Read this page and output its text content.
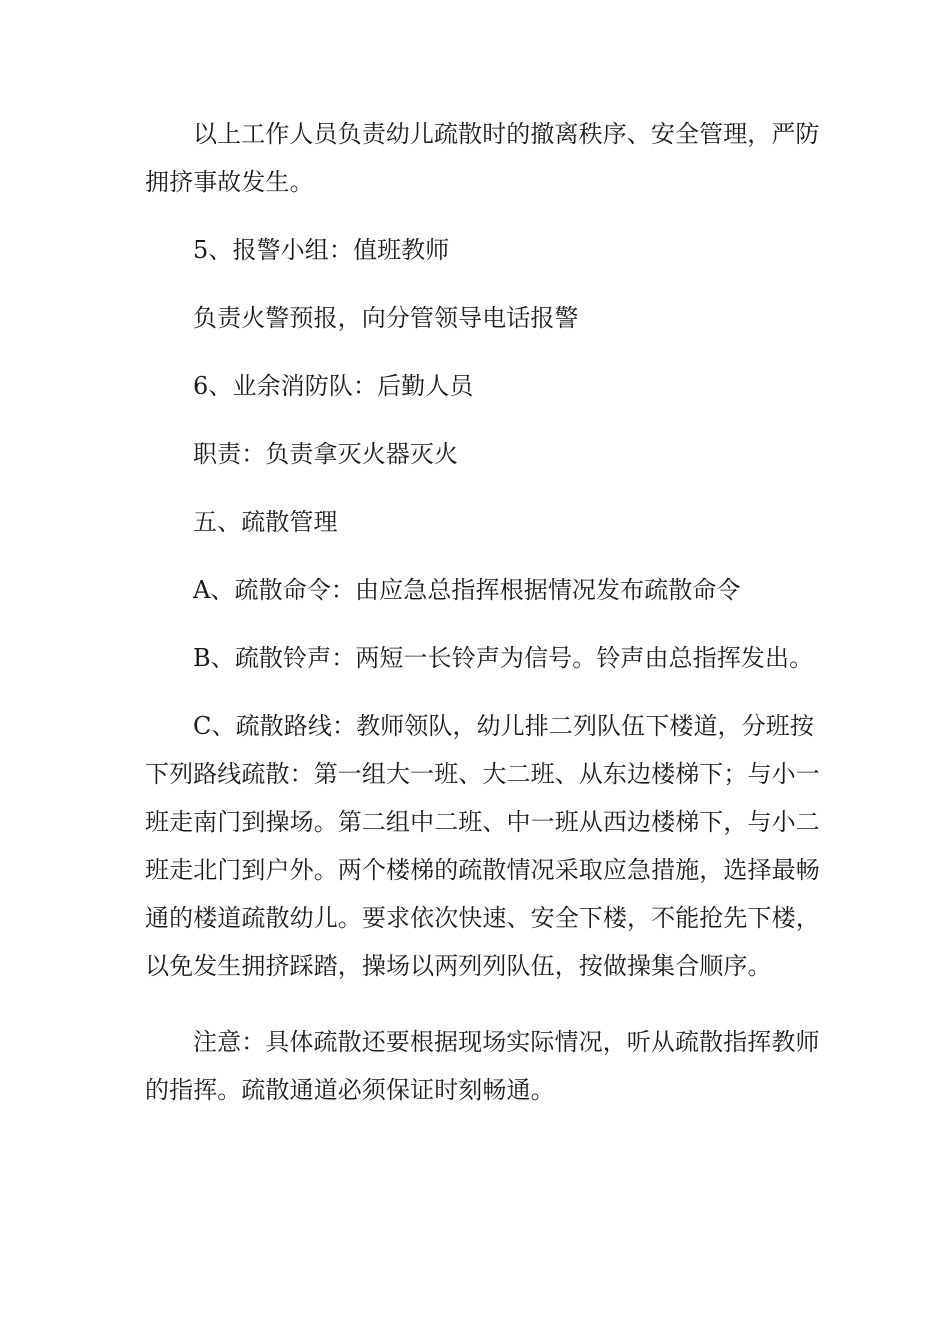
以上工作人员负责幼儿疏散时的撤离秩序、安全管理，严防
拥挤事故发生。

5、报警小组：值班教师

负责火警预报，向分管领导电话报警

6、业余消防队：后勤人员

职责：负责拿灭火器灭火

五、疏散管理

A、疏散命令：由应急总指挥根据情况发布疏散命令

B、疏散铃声：两短一长铃声为信号。铃声由总指挥发出。

C、疏散路线：教师领队，幼儿排二列队伍下楼道，分班按
下列路线疏散：第一组大一班、大二班、从东边楼梯下；与小一
班走南门到操场。第二组中二班、中一班从西边楼梯下，与小二
班走北门到户外。两个楼梯的疏散情况采取应急措施，选择最畅
通的楼道疏散幼儿。要求依次快速、安全下楼，不能抢先下楼，
以免发生拥挤踩踏，操场以两列列队伍，按做操集合顺序。

注意：具体疏散还要根据现场实际情况，听从疏散指挥教师
的指挥。疏散通道必须保证时刻畅通。
